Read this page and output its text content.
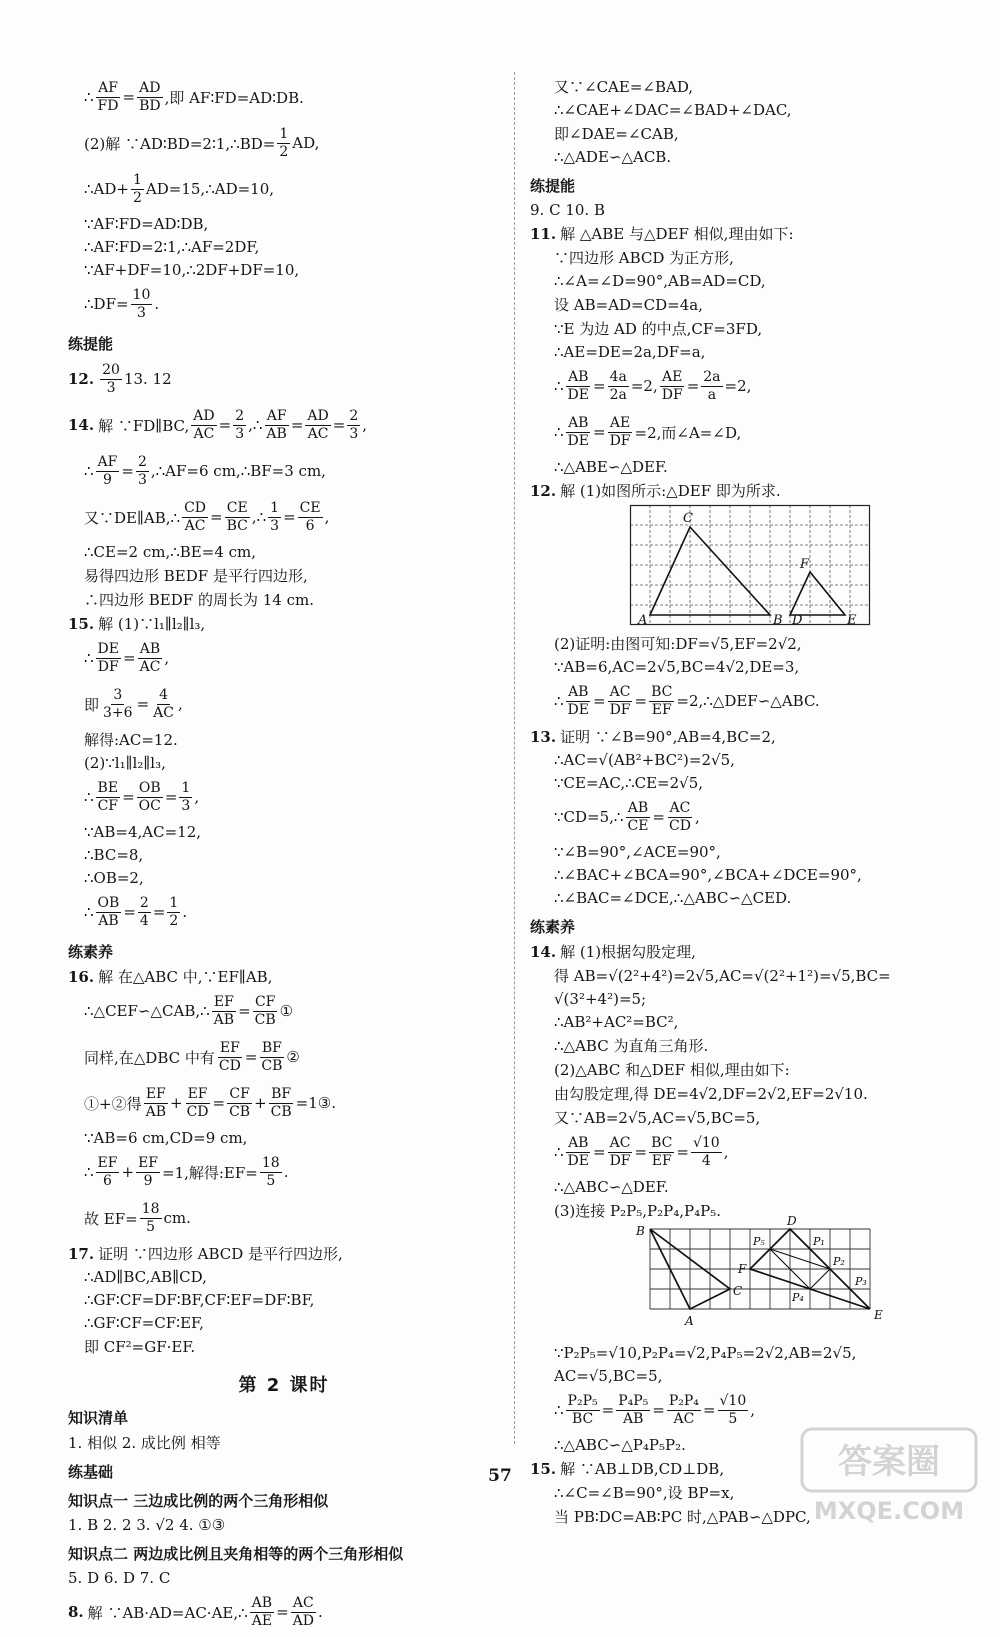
∴ $\frac{AF}{FD} = \frac{AD}{BD}$ ,即 AF∶FD=AD∶DB.
(2)解 ∵AD∶BD=2∶1,∴BD= $\frac{1}{2}$ AD,
∴AD+ $\frac{1}{2}$ AD=15,∴AD=10,
∵AF∶FD=AD∶DB,
∴AF∶FD=2∶1,∴AF=2DF,
∵AF+DF=10,∴2DF+DF=10,
∴DF= $\frac{10}{3}$ .
练提能
12. $\frac{20}{3} 13$. 12
14. 解 ∵FD∥BC, $\frac{AD}{AC} = \frac{2}{3}$ ,∴ $\frac{AF}{AB} = \frac{AD}{AC} = \frac{2}{3}$ ,
∴ $\frac{AF}{9} = \frac{2}{3}$ ,∴AF=6 cm,∴BF=3 cm,
又∵DE∥AB,∴ $\frac{CD}{AC} = \frac{CE}{BC}$ ,∴ $\frac{1}{3} = \frac{CE}{6}$ ,
∴CE=2 cm,∴BE=4 cm,
易得四边形 BEDF 是平行四边形,
∴四边形 BEDF 的周长为 14 cm.
15. 解 (1)∵l₁∥l₂∥l₃,
∴ $\frac{DE}{DF} = \frac{AB}{AC}$ ,
即 $\frac{3}{3+6} = \frac{4}{AC}$ ,
解得:AC=12.
(2)∵l₁∥l₂∥l₃,
∴ $\frac{BE}{CF} = \frac{OB}{OC} = \frac{1}{3}$ ,
∵AB=4,AC=12,
∴BC=8,
∴OB=2,
∴ $\frac{OB}{AB} = \frac{2}{4} = \frac{1}{2}$ .
练素养
16. 解 在△ABC 中,∵EF∥AB,
∴△CEF∽△CAB,∴ $\frac{EF}{AB} = \frac{CF}{CB}$ ①
同样,在△DBC 中有 $\frac{EF}{CD} = \frac{BF}{CB}$ ②
①+②得 $\frac{EF}{AB} + \frac{EF}{CD} = \frac{CF}{CB} + \frac{BF}{CB}$ =1③.
∵AB=6 cm,CD=9 cm,
∴ $\frac{EF}{6} + \frac{EF}{9} =1$,解得:EF= $\frac{18}{5}$ .
故 $EF= \frac{18}{5}$ cm.
17. 证明 ∵四边形 ABCD 是平行四边形,
∴AD∥BC,AB∥CD,
∴GF∶CF=DF∶BF,CF∶EF=DF∶BF,
∴GF∶CF=CF∶EF,
即 CF²=GF·EF.
第 2 课时
知识清单
1. 相似 2. 成比例 相等
练基础
知识点一 三边成比例的两个三角形相似
1. B 2. 2 3. √2 4. ①③
知识点二 两边成比例且夹角相等的两个三角形相似
5. D 6. D 7. C
8. 解 ∵AB·AD=AC·AE,∴ $\frac{AB}{AE} = \frac{AC}{AD}$ .
又∵∠CAE=∠BAD,
∴∠CAE+∠DAC=∠BAD+∠DAC,
即∠DAE=∠CAB,
∴△ADE∽△ACB.
练提能
9. C 10. B
11. 解 △ABE 与△DEF 相似,理由如下:
∵四边形 ABCD 为正方形,
∴∠A=∠D=90°,AB=AD=CD,
设 AB=AD=CD=4a,
∵E 为边 AD 的中点,CF=3FD,
∴AE=DE=2a,DF=a,
∴ $\frac{AB}{DE} = \frac{4a}{2a} =2$, $\frac{AE}{DF} = \frac{2a}{a} =2$,
∴ $\frac{AB}{DE} = \frac{AE}{DF} =2$,而∠A=∠D,
∴△ABE∽△DEF.
12. 解 (1)如图所示:△DEF 即为所求.
A
C
B D
F
E
(2)证明:由图可知:DF=√5,EF=2√2,
∵AB=6,AC=2√5,BC=4√2,DE=3,
∴ $\frac{AB}{DE} = \frac{AC}{DF} = \frac{BC}{EF}$ =2,∴△DEF∽△ABC.
13. 证明 ∵∠B=90°,AB=4,BC=2,
∴AC=√(AB²+BC²)=2√5,
∵CE=AC,∴CE=2√5,
∵CD=5,∴ $\frac{AB}{CE} = \frac{AC}{CD}$ ,
∵∠B=90°,∠ACE=90°,
∴∠BAC+∠BCA=90°,∠BCA+∠DCE=90°,
∴∠BAC=∠DCE,∴△ABC∽△CED.
练素养
14. 解 (1)根据勾股定理,
得 AB=√(2²+4²)=2√5,AC=√(2²+1²)=√5,BC=
√(3²+4²)=5;
∴AB²+AC²=BC²,
∴△ABC 为直角三角形.
(2)△ABC 和△DEF 相似,理由如下:
由勾股定理,得 DE=4√2,DF=2√2,EF=2√10.
又∵AB=2√5,AC=√5,BC=5,
∴ $\frac{AB}{DE} = \frac{AC}{DF} = \frac{BC}{EF} = \frac{√10}{4}$ ,
∴△ABC∽△DEF.
(3)连接 P₂P₅,P₂P₄,P₄P₅.
B
A
C
D
F
E
P₁
P₂
P₃
P₄
P₅
∵P₂P₅=√10,P₂P₄=√2,P₄P₅=2√2,AB=2√5,
AC=√5,BC=5,
∴ $\frac{\text{P₂P₅}}{BC} = \frac{\text{P₄P₅}}{AB} = \frac{\text{P₂P₄}}{AC} = \frac{√10}{5}$ ,
∴△ABC∽△P₄P₅P₂.
15. 解 ∵AB⊥DB,CD⊥DB,
∴∠C=∠B=90°,设 BP=x,
当 PB∶DC=AB∶PC 时,△PAB∽△DPC,
57	答案圈
MXQE.COM
